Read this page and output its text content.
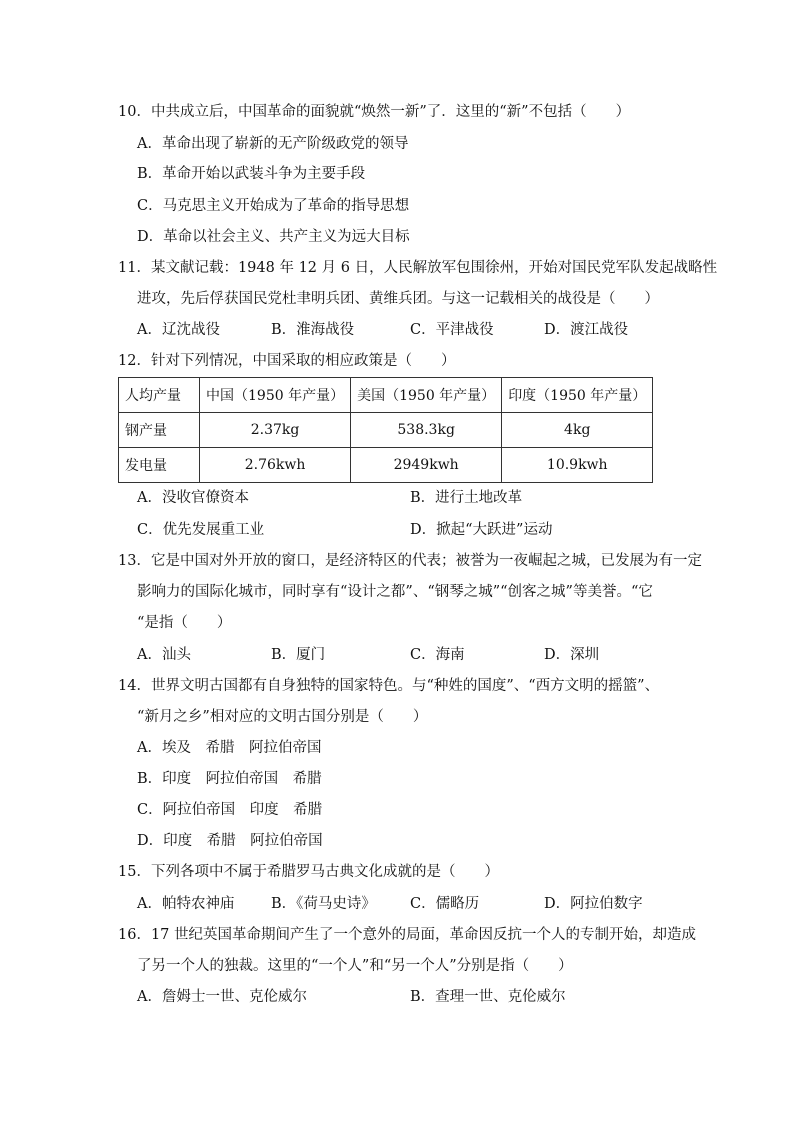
10．中共成立后，中国革命的面貌就“焕然一新”了．这里的“新”不包括（　　）
A．革命出现了崭新的无产阶级政党的领导
B．革命开始以武装斗争为主要手段
C．马克思主义开始成为了革命的指导思想
D．革命以社会主义、共产主义为远大目标
11．某文献记载：1948 年 12 月 6 日，人民解放军包围徐州，开始对国民党军队发起战略性
进攻，先后俘获国民党杜聿明兵团、黄维兵团。与这一记载相关的战役是（　　）
A．辽沈战役	B．淮海战役	C．平津战役	D．渡江战役
12．针对下列情况，中国采取的相应政策是（　　）
人均产量	中国（1950 年产量）	美国（1950 年产量）	印度（1950 年产量）
钢产量	2.37kg	538.3kg	4kg
发电量	2.76kwh	2949kwh	10.9kwh
A．没收官僚资本	B．进行土地改革
C．优先发展重工业	D．掀起“大跃进”运动
13．它是中国对外开放的窗口，是经济特区的代表；被誉为一夜崛起之城，已发展为有一定
影响力的国际化城市，同时享有“设计之都”、“钢琴之城”“创客之城”等美誉。“它
“是指（　　）
A．汕头	B．厦门	C．海南	D．深圳
14．世界文明古国都有自身独特的国家特色。与“种姓的国度”、“西方文明的摇篮”、
“新月之乡”相对应的文明古国分别是（　　）
A．埃及　希腊　阿拉伯帝国
B．印度　阿拉伯帝国　希腊
C．阿拉伯帝国　印度　希腊
D．印度　希腊　阿拉伯帝国
15．下列各项中不属于希腊罗马古典文化成就的是（　　）
A．帕特农神庙	B．《荷马史诗》 C．儒略历	D．阿拉伯数字
16．17 世纪英国革命期间产生了一个意外的局面，革命因反抗一个人的专制开始，却造成
了另一个人的独裁。这里的“一个人”和“另一个人”分别是指（　　）
A．詹姆士一世、克伦威尔	B．查理一世、克伦威尔
